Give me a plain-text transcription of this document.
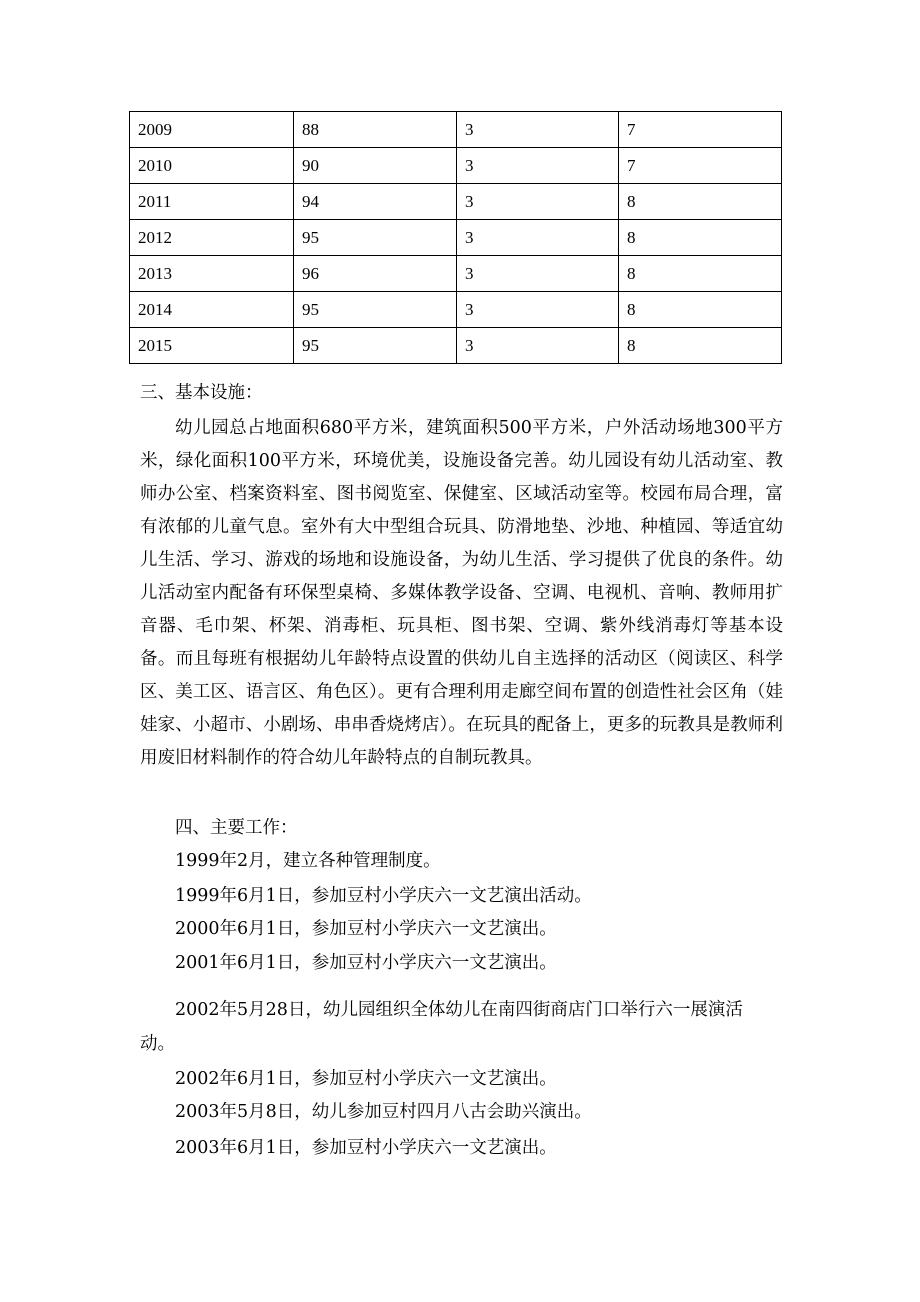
2009	88	3	7
2010	90	3	7
2011	94	3	8
2012	95	3	8
2013	96	3	8
2014	95	3	8
2015	95	3	8
三、基本设施：

幼儿园总占地面积680平方米，建筑面积500平方米，户外活动场地300平方米，绿化面积100平方米，环境优美，设施设备完善。幼儿园设有幼儿活动室、教师办公室、档案资料室、图书阅览室、保健室、区域活动室等。校园布局合理，富有浓郁的儿童气息。室外有大中型组合玩具、防滑地垫、沙地、种植园、等适宜幼儿生活、学习、游戏的场地和设施设备，为幼儿生活、学习提供了优良的条件。幼儿活动室内配备有环保型桌椅、多媒体教学设备、空调、电视机、音响、教师用扩音器、毛巾架、杯架、消毒柜、玩具柜、图书架、空调、紫外线消毒灯等基本设备。而且每班有根据幼儿年龄特点设置的供幼儿自主选择的活动区（阅读区、科学区、美工区、语言区、角色区）。更有合理利用走廊空间布置的创造性社会区角（娃娃家、小超市、小剧场、串串香烧烤店）。在玩具的配备上，更多的玩教具是教师利用废旧材料制作的符合幼儿年龄特点的自制玩教具。

四、主要工作：
1999年2月，建立各种管理制度。
1999年6月1日，参加豆村小学庆六一文艺演出活动。
2000年6月1日，参加豆村小学庆六一文艺演出。
2001年6月1日，参加豆村小学庆六一文艺演出。
2002年5月28日，幼儿园组织全体幼儿在南四街商店门口举行六一展演活
动。
2002年6月1日，参加豆村小学庆六一文艺演出。
2003年5月8日，幼儿参加豆村四月八古会助兴演出。
2003年6月1日，参加豆村小学庆六一文艺演出。
